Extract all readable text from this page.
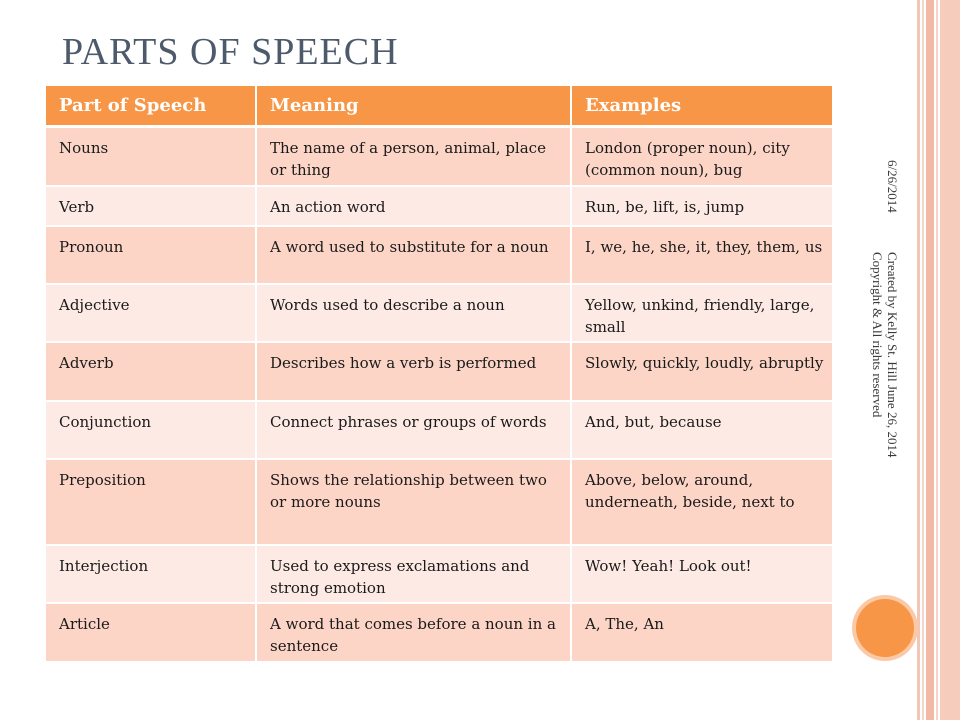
PARTS OF SPEECH
Part of Speech	Meaning	Examples
Nouns	The name of a person, animal, place or thing	London (proper noun), city (common noun), bug
Verb	An action word	Run, be, lift, is, jump
Pronoun	A word used to substitute for a noun	I, we, he, she, it, they, them, us
Adjective	Words used to describe a noun	Yellow, unkind, friendly, large, small
Adverb	Describes how a verb is performed	Slowly, quickly, loudly, abruptly
Conjunction	Connect phrases or groups of words	And, but, because
Preposition	Shows the relationship between two or more nouns	Above, below, around, underneath, beside, next to
Interjection	Used to express exclamations and strong emotion	Wow! Yeah! Look out!
Article	A word that comes before a noun in a sentence	A, The, An
6/26/2014
Created by Kelly St. Hill June 26, 2014
Copyright & All rights reserved
